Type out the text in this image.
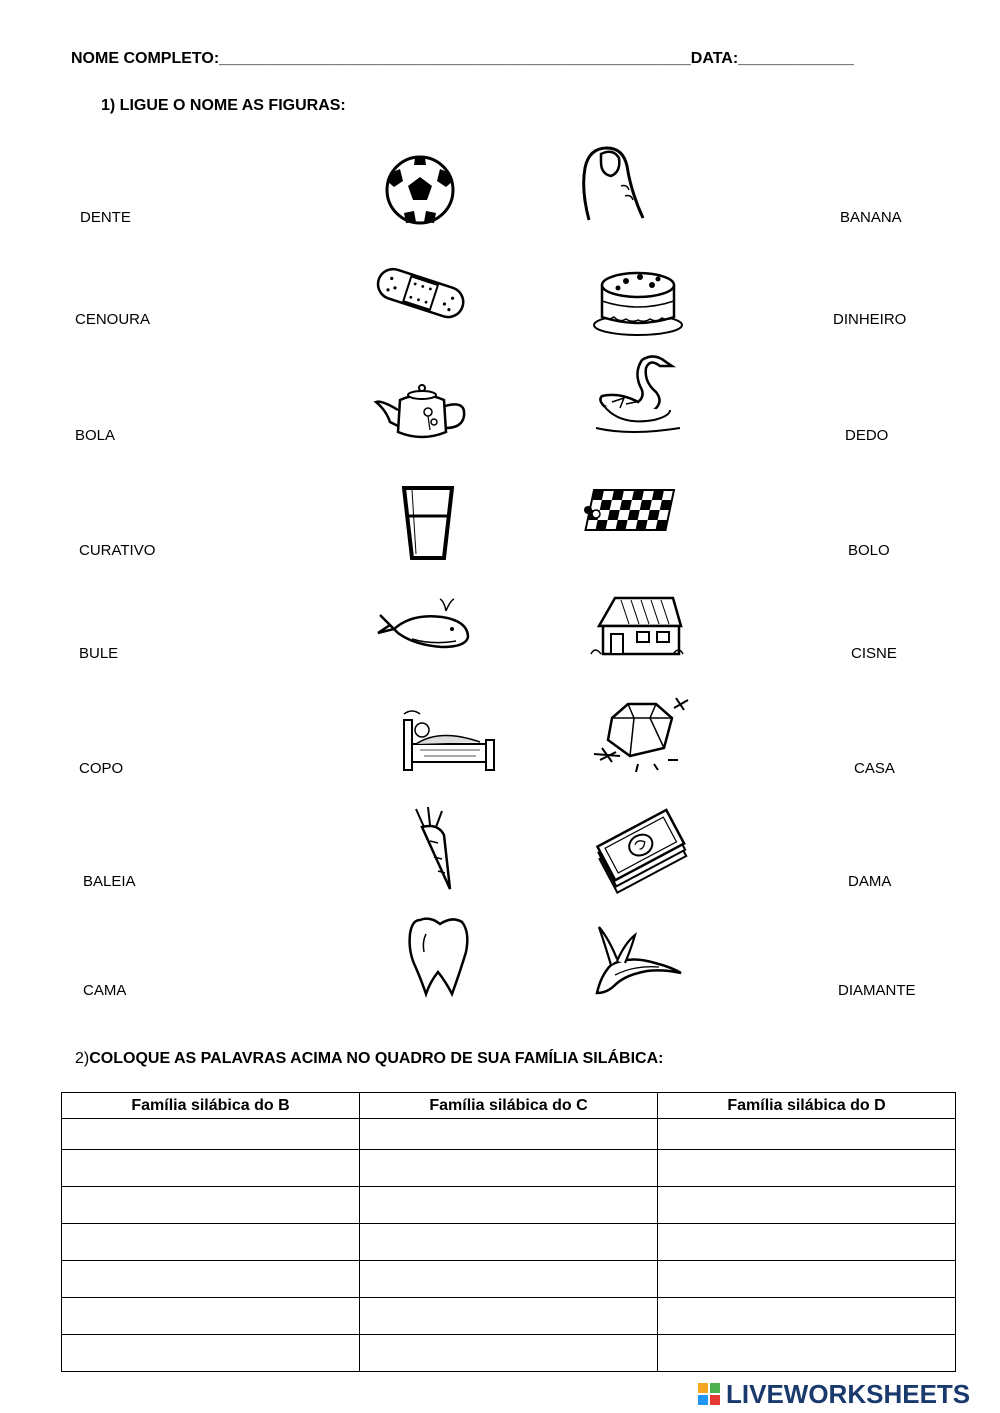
NOME COMPLETO:_____________________________________________________DATA:_____________
1) LIGUE O NOME AS FIGURAS:
DENTE
CENOURA
BOLA
CURATIVO
BULE
COPO
BALEIA
CAMA
BANANA
DINHEIRO
DEDO
BOLO
CISNE
CASA
DAMA
DIAMANTE
2)COLOQUE AS PALAVRAS ACIMA NO QUADRO DE SUA FAMÍLIA SILÁBICA:
Família silábica do B	Família silábica do C	Família silábica do D

LIVEWORKSHEETS
